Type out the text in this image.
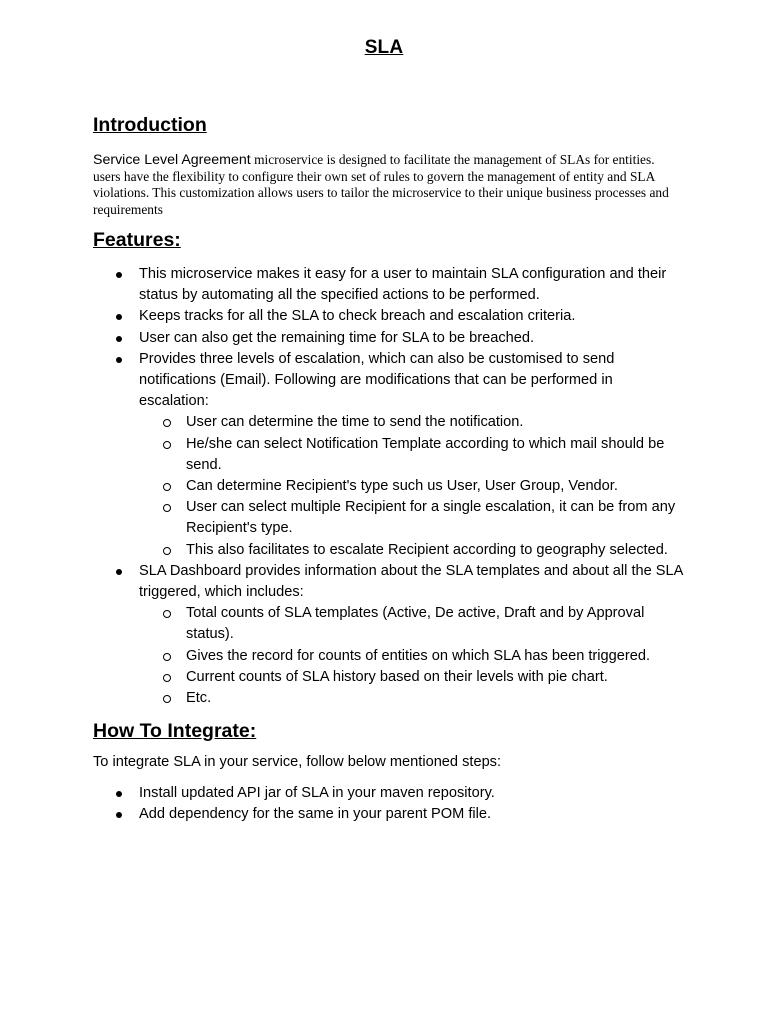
SLA
Introduction

Service Level Agreement microservice is designed to facilitate the management of SLAs for entities. users have the flexibility to configure their own set of rules to govern the management of entity and SLA violations. This customization allows users to tailor the microservice to their unique business processes and requirements

Features:
This microservice makes it easy for a user to maintain SLA configuration and their status by automating all the specified actions to be performed.
Keeps tracks for all the SLA to check breach and escalation criteria.
User can also get the remaining time for SLA to be breached.
Provides three levels of escalation, which can also be customised to send notifications (Email). Following are modifications that can be performed in escalation:
User can determine the time to send the notification.
He/she can select Notification Template according to which mail should be send.
Can determine Recipient's type such us User, User Group, Vendor.
User can select multiple Recipient for a single escalation, it can be from any Recipient's type.
This also facilitates to escalate Recipient according to geography selected.
SLA Dashboard provides information about the SLA templates and about all the SLA triggered, which includes:
Total counts of SLA templates (Active, De active, Draft and by Approval status).
Gives the record for counts of entities on which SLA has been triggered.
Current counts of SLA history based on their levels with pie chart.
Etc.
How To Integrate:

To integrate SLA in your service, follow below mentioned steps:

Install updated API jar of SLA in your maven repository.
Add dependency for the same in your parent POM file.
